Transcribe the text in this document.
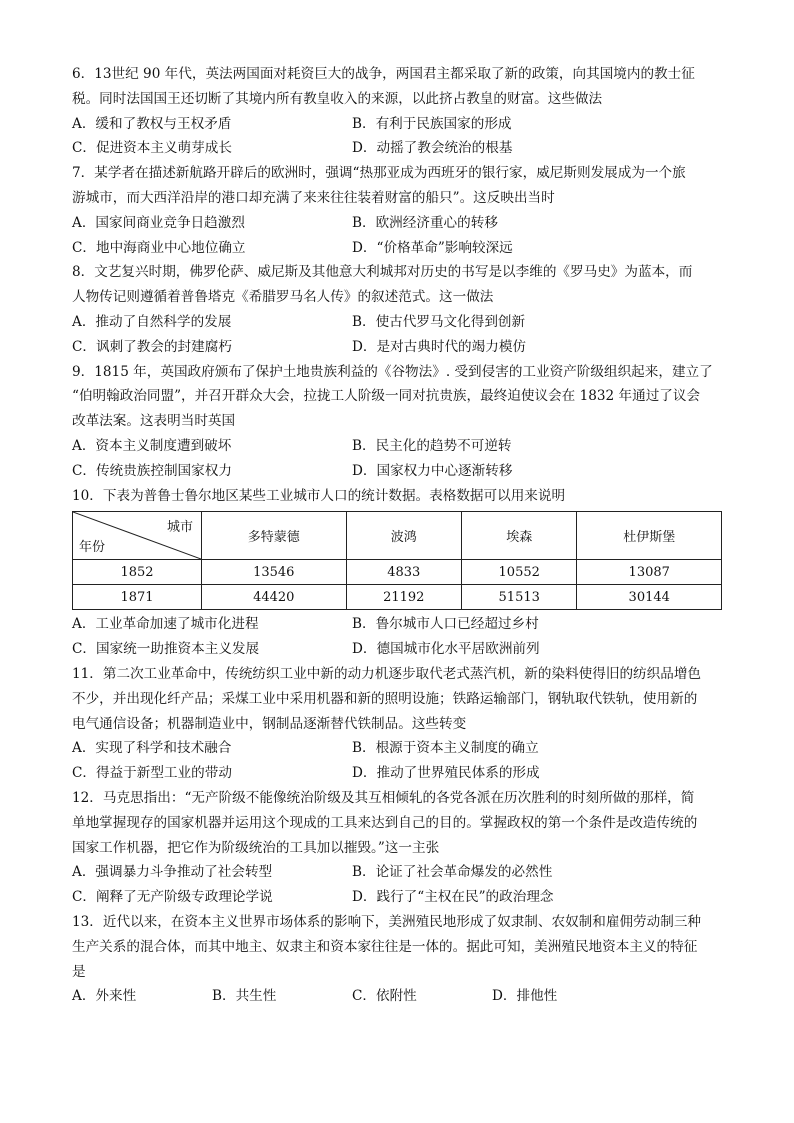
6．13世纪 90 年代，英法两国面对耗资巨大的战争，两国君主都采取了新的政策，向其国境内的教士征
税。同时法国国王还切断了其境内所有教皇收入的来源，以此挤占教皇的财富。这些做法
A．缓和了教权与王权矛盾	B．有利于民族国家的形成
C．促进资本主义萌芽成长	D．动摇了教会统治的根基
7．某学者在描述新航路开辟后的欧洲时，强调“热那亚成为西班牙的银行家，威尼斯则发展成为一个旅
游城市，而大西洋沿岸的港口却充满了来来往往装着财富的船只”。这反映出当时
A．国家间商业竞争日趋激烈	B．欧洲经济重心的转移
C．地中海商业中心地位确立	D．“价格革命”影响较深远
8．文艺复兴时期，佛罗伦萨、威尼斯及其他意大利城邦对历史的书写是以李维的《罗马史》为蓝本，而
人物传记则遵循着普鲁塔克《希腊罗马名人传》的叙述范式。这一做法
A．推动了自然科学的发展	B．使古代罗马文化得到创新
C．讽刺了教会的封建腐朽	D．是对古典时代的竭力模仿
9．1815 年，英国政府颁布了保护土地贵族利益的《谷物法》. 受到侵害的工业资产阶级组织起来，建立了
“伯明翰政治同盟”，并召开群众大会，拉拢工人阶级一同对抗贵族，最终迫使议会在 1832 年通过了议会
改革法案。这表明当时英国
A．资本主义制度遭到破坏	B．民主化的趋势不可逆转
C．传统贵族控制国家权力	D．国家权力中心逐渐转移
10．下表为普鲁士鲁尔地区某些工业城市人口的统计数据。表格数据可以用来说明
城市
年份	多特蒙德	波鸿	埃森	杜伊斯堡
1852	13546	4833	10552	13087
1871	44420	21192	51513	30144
A．工业革命加速了城市化进程	B．鲁尔城市人口已经超过乡村
C．国家统一助推资本主义发展	D．德国城市化水平居欧洲前列
11．第二次工业革命中，传统纺织工业中新的动力机逐步取代老式蒸汽机，新的染料使得旧的纺织品增色
不少，并出现化纤产品；采煤工业中采用机器和新的照明设施；铁路运输部门，钢轨取代铁轨，使用新的
电气通信设备；机器制造业中，钢制品逐渐替代铁制品。这些转变
A．实现了科学和技术融合	B．根源于资本主义制度的确立
C．得益于新型工业的带动	D．推动了世界殖民体系的形成
12．马克思指出：“无产阶级不能像统治阶级及其互相倾轧的各党各派在历次胜利的时刻所做的那样，简
单地掌握现存的国家机器并运用这个现成的工具来达到自己的目的。掌握政权的第一个条件是改造传统的
国家工作机器，把它作为阶级统治的工具加以摧毁。”这一主张
A．强调暴力斗争推动了社会转型	B．论证了社会革命爆发的必然性
C．阐释了无产阶级专政理论学说	D．践行了“主权在民”的政治理念
13．近代以来，在资本主义世界市场体系的影响下，美洲殖民地形成了奴隶制、农奴制和雇佣劳动制三种
生产关系的混合体，而其中地主、奴隶主和资本家往往是一体的。据此可知，美洲殖民地资本主义的特征
是
A．外来性	B．共生性	C．依附性	D．排他性
